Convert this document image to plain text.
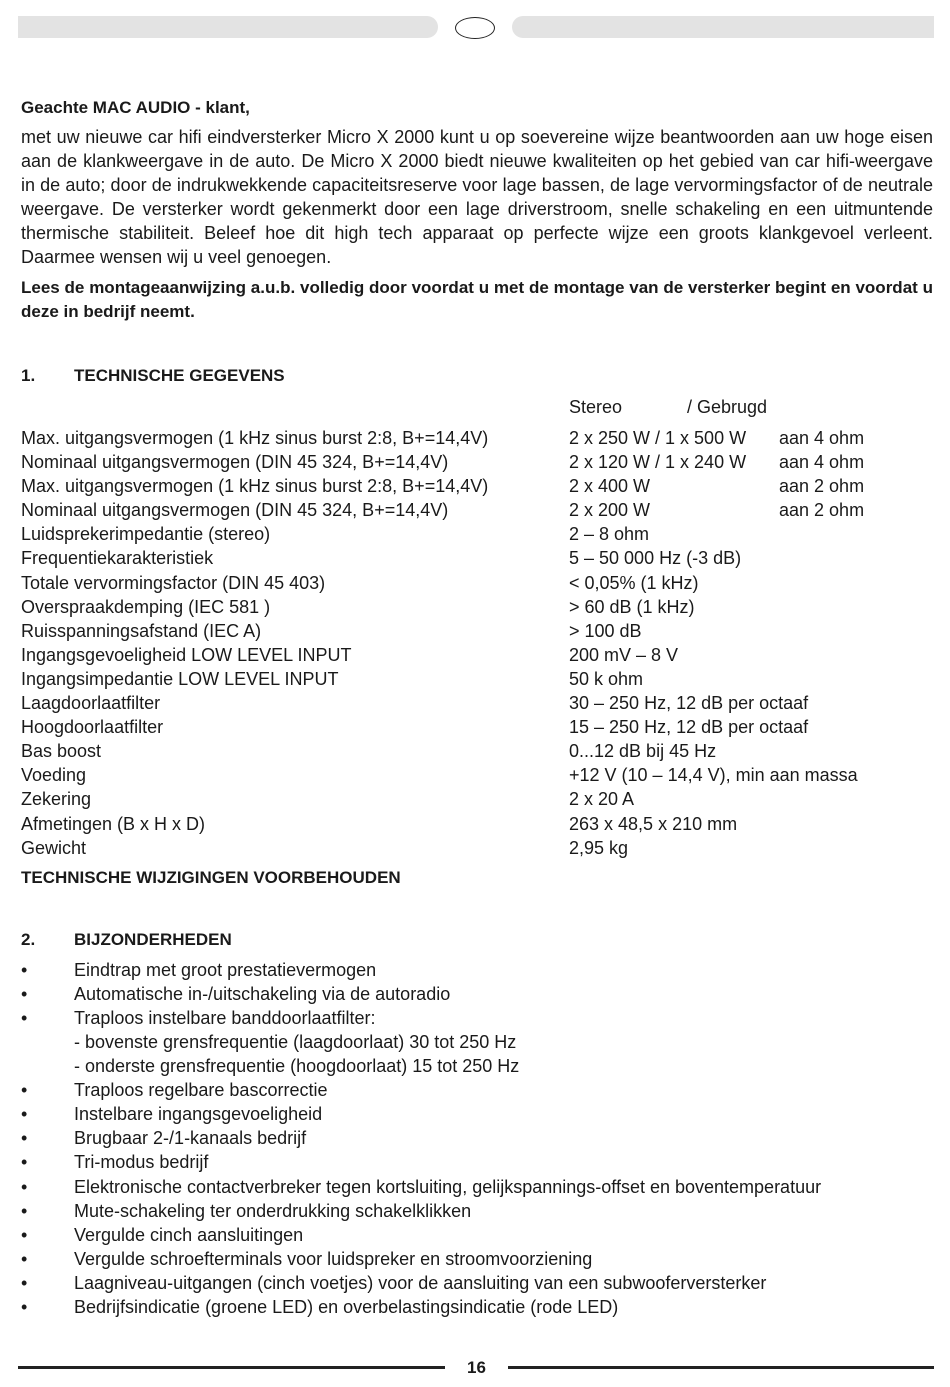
Geachte MAC AUDIO - klant,

met uw nieuwe car hifi eindversterker Micro X 2000 kunt u op soevereine wijze beantwoorden aan uw hoge eisen aan de klankweergave in de auto. De Micro X 2000 biedt nieuwe kwaliteiten op het gebied van car hifi-weergave in de auto; door de indrukwekkende capaciteitsreserve voor lage bassen, de lage vervormingsfactor of de neutrale weergave. De versterker wordt gekenmerkt door een lage driverstroom, snelle schakeling en een uitmuntende thermische stabiliteit. Beleef hoe dit high tech apparaat op perfecte wijze een groots klankgevoel verleent. Daarmee wensen wij u veel genoegen.

Lees de montageaanwijzing a.u.b. volledig door voordat u met de montage van de versterker begint en voordat u deze in bedrijf neemt.

1.	TECHNISCHE GEGEVENS
Stereo	/ Gebrugd
Max. uitgangsvermogen (1 kHz sinus burst 2:8, B+=14,4V)	2 x 250 W / 1 x 500 W	aan 4 ohm
Nominaal uitgangsvermogen (DIN 45 324, B+=14,4V)	2 x 120 W / 1 x 240 W	aan 4 ohm
Max. uitgangsvermogen (1 kHz sinus burst 2:8, B+=14,4V)	2 x 400 W	aan 2 ohm
Nominaal uitgangsvermogen (DIN 45 324, B+=14,4V)	2 x 200 W	aan 2 ohm
Luidsprekerimpedantie (stereo)	2 – 8 ohm
Frequentiekarakteristiek	5 – 50 000 Hz (-3 dB)
Totale vervormingsfactor (DIN 45 403)	< 0,05% (1 kHz)
Overspraakdemping (IEC 581 )	> 60 dB (1 kHz)
Ruisspanningsafstand (IEC A)	> 100 dB
Ingangsgevoeligheid LOW LEVEL INPUT	200 mV – 8 V
Ingangsimpedantie LOW LEVEL INPUT	50 k ohm
Laagdoorlaatfilter	30 – 250 Hz, 12 dB per octaaf
Hoogdoorlaatfilter	15 – 250 Hz, 12 dB per octaaf
Bas boost	0...12 dB bij 45 Hz
Voeding	+12 V (10 – 14,4 V), min aan massa
Zekering	2 x 20 A
Afmetingen (B x H x D)	263 x 48,5 x 210 mm
Gewicht	2,95 kg
TECHNISCHE WIJZIGINGEN VOORBEHOUDEN
2.	BIJZONDERHEDEN
•	Eindtrap met groot prestatievermogen
•	Automatische in-/uitschakeling via de autoradio
•	Traploos instelbare banddoorlaatfilter:
- bovenste grensfrequentie (laagdoorlaat) 30 tot 250 Hz
- onderste grensfrequentie (hoogdoorlaat) 15 tot 250 Hz
•	Traploos regelbare bascorrectie
•	Instelbare ingangsgevoeligheid
•	Brugbaar 2-/1-kanaals bedrijf
•	Tri-modus bedrijf
•	Elektronische contactverbreker tegen kortsluiting, gelijkspannings-offset en boventemperatuur
•	Mute-schakeling ter onderdrukking schakelklikken
•	Vergulde cinch aansluitingen
•	Vergulde schroefterminals voor luidspreker en stroomvoorziening
•	Laagniveau-uitgangen (cinch voetjes) voor de aansluiting van een subwooferversterker
•	Bedrijfsindicatie (groene LED) en overbelastingsindicatie (rode LED)
16
